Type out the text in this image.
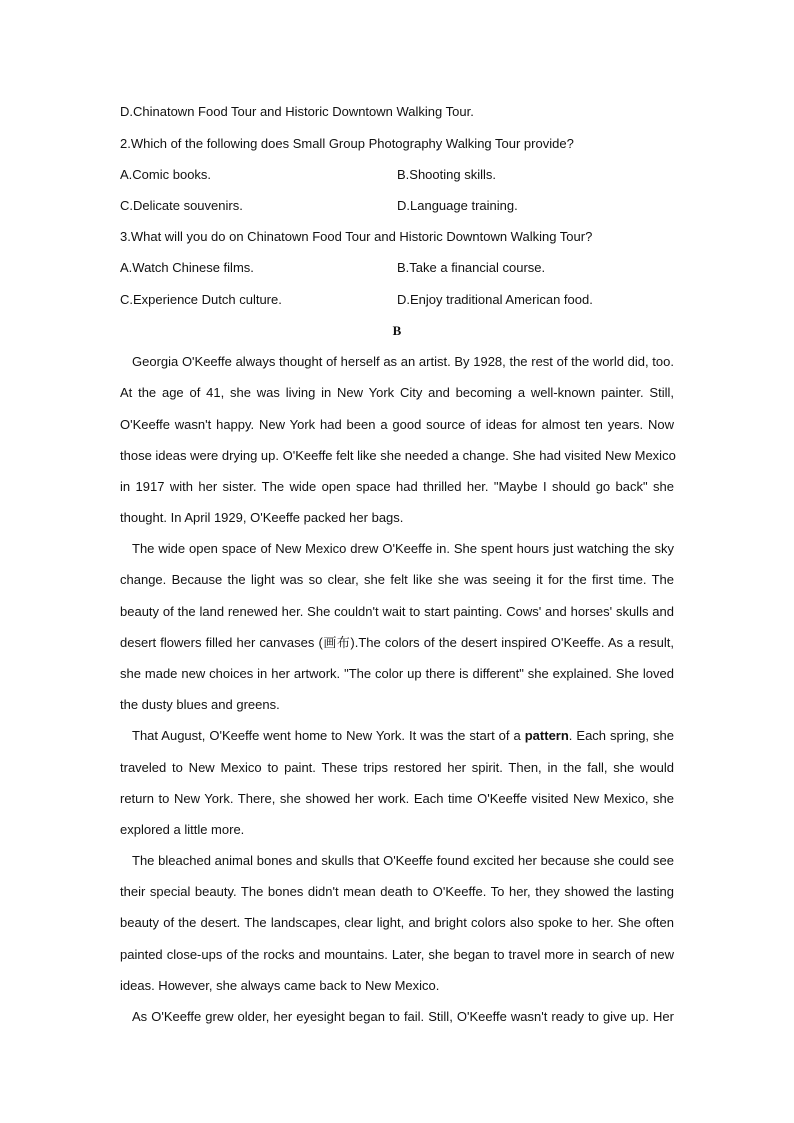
D.Chinatown Food Tour and Historic Downtown Walking Tour.
2.Which of the following does Small Group Photography Walking Tour provide?
A.Comic books.	B.Shooting skills.
C.Delicate souvenirs.	D.Language training.
3.What will you do on Chinatown Food Tour and Historic Downtown Walking Tour?
A.Watch Chinese films.	B.Take a financial course.
C.Experience Dutch culture.	D.Enjoy traditional American food.
B
Georgia O'Keeffe always thought of herself as an artist. By 1928, the rest of the world did, too.
At the age of 41, she was living in New York City and becoming a well-known painter. Still,
O'Keeffe wasn't happy. New York had been a good source of ideas for almost ten years. Now
those ideas were drying up. O'Keeffe felt like she needed a change. She had visited New Mexico
in 1917 with her sister. The wide open space had thrilled her. "Maybe I should go back" she
thought. In April 1929, O'Keeffe packed her bags.
The wide open space of New Mexico drew O'Keeffe in. She spent hours just watching the sky
change. Because the light was so clear, she felt like she was seeing it for the first time. The
beauty of the land renewed her. She couldn't wait to start painting. Cows' and horses' skulls and
desert flowers filled her canvases (画布).The colors of the desert inspired O'Keeffe. As a result,
she made new choices in her artwork. "The color up there is different" she explained. She loved
the dusty blues and greens.
That August, O'Keeffe went home to New York. It was the start of a pattern. Each spring, she
traveled to New Mexico to paint. These trips restored her spirit. Then, in the fall, she would
return to New York. There, she showed her work. Each time O'Keeffe visited New Mexico, she
explored a little more.
The bleached animal bones and skulls that O'Keeffe found excited her because she could see
their special beauty. The bones didn't mean death to O'Keeffe. To her, they showed the lasting
beauty of the desert. The landscapes, clear light, and bright colors also spoke to her. She often
painted close-ups of the rocks and mountains. Later, she began to travel more in search of new
ideas. However, she always came back to New Mexico.
As O'Keeffe grew older, her eyesight began to fail. Still, O'Keeffe wasn't ready to give up. Her
